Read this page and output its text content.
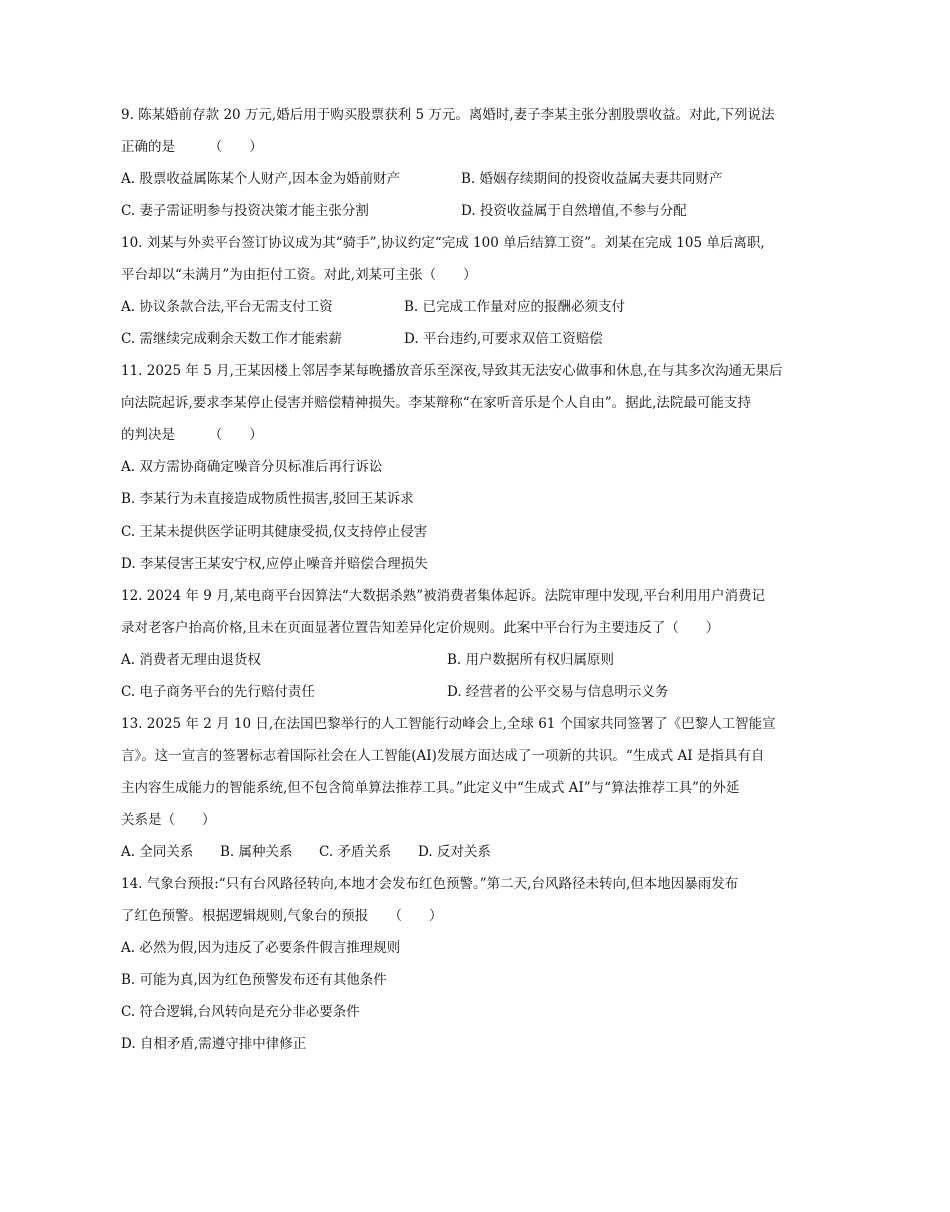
9. 陈某婚前存款 20 万元,婚后用于购买股票获利 5 万元。离婚时,妻子李某主张分割股票收益。对此,下列说法
正确的是　　　（　　）
A. 股票收益属陈某个人财产,因本金为婚前财产	B. 婚姻存续期间的投资收益属夫妻共同财产
C. 妻子需证明参与投资决策才能主张分割	D. 投资收益属于自然增值,不参与分配
10. 刘某与外卖平台签订协议成为其“骑手”,协议约定“完成 100 单后结算工资”。刘某在完成 105 单后离职,
平台却以“未满月”为由拒付工资。对此,刘某可主张（　　）
A. 协议条款合法,平台无需支付工资	B. 已完成工作量对应的报酬必须支付
C. 需继续完成剩余天数工作才能索薪	D. 平台违约,可要求双倍工资赔偿
11. 2025 年 5 月,王某因楼上邻居李某每晚播放音乐至深夜,导致其无法安心做事和休息,在与其多次沟通无果后
向法院起诉,要求李某停止侵害并赔偿精神损失。李某辩称“在家听音乐是个人自由”。据此,法院最可能支持
的判决是　　　（　　）
A. 双方需协商确定噪音分贝标准后再行诉讼
B. 李某行为未直接造成物质性损害,驳回王某诉求
C. 王某未提供医学证明其健康受损,仅支持停止侵害
D. 李某侵害王某安宁权,应停止噪音并赔偿合理损失
12. 2024 年 9 月,某电商平台因算法“大数据杀熟”被消费者集体起诉。法院审理中发现,平台利用用户消费记
录对老客户抬高价格,且未在页面显著位置告知差异化定价规则。此案中平台行为主要违反了（　　）
A. 消费者无理由退货权	B. 用户数据所有权归属原则
C. 电子商务平台的先行赔付责任	D. 经营者的公平交易与信息明示义务
13. 2025 年 2 月 10 日,在法国巴黎举行的人工智能行动峰会上,全球 61 个国家共同签署了《巴黎人工智能宣
言》。这一宣言的签署标志着国际社会在人工智能(AI)发展方面达成了一项新的共识。“生成式 AI 是指具有自
主内容生成能力的智能系统,但不包含简单算法推荐工具。”此定义中“生成式 AI”与“算法推荐工具”的外延
关系是（　　）
A. 全同关系 B. 属种关系 C. 矛盾关系 D. 反对关系
14. 气象台预报:“只有台风路径转向,本地才会发布红色预警。”第二天,台风路径未转向,但本地因暴雨发布
了红色预警。根据逻辑规则,气象台的预报　　（　　）
A. 必然为假,因为违反了必要条件假言推理规则
B. 可能为真,因为红色预警发布还有其他条件
C. 符合逻辑,台风转向是充分非必要条件
D. 自相矛盾,需遵守排中律修正
